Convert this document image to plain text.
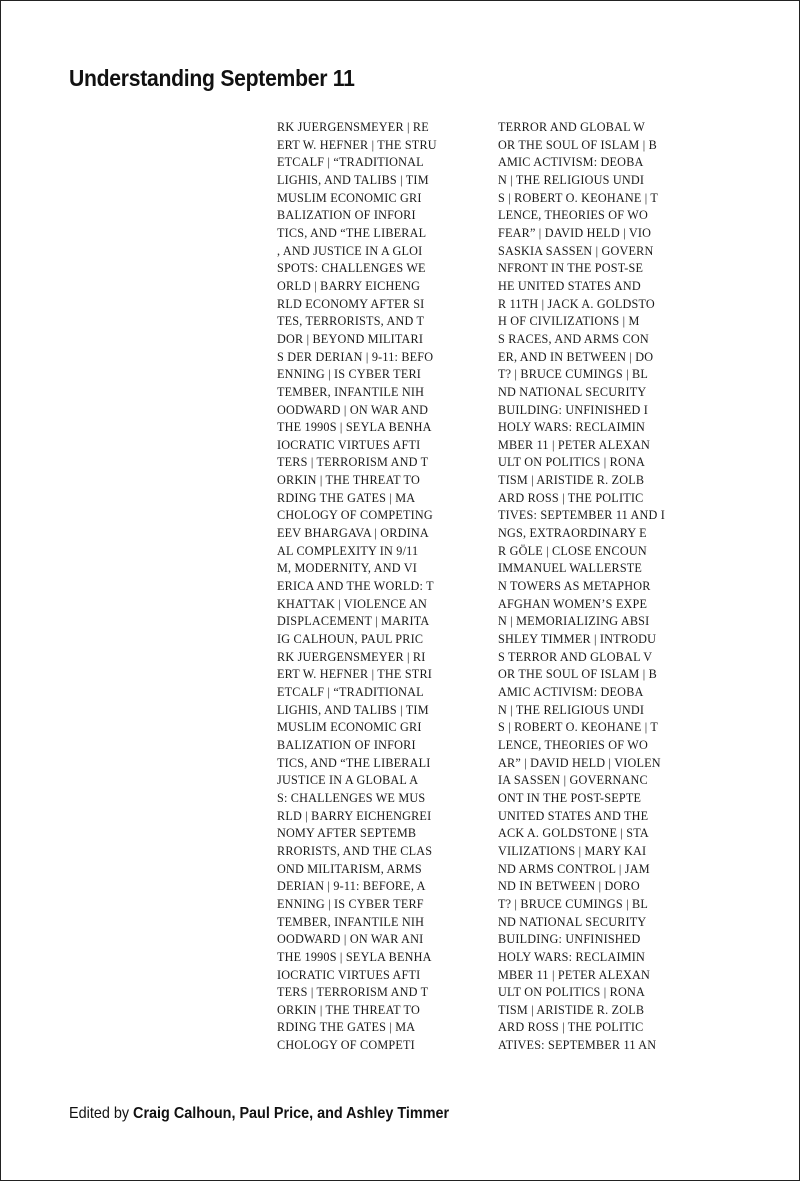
Understanding September 11
RK JUERGENSMEYER | RE
ERT W. HEFNER | THE STRU
ETCALF | “TRADITIONAL
LIGHIS, AND TALIBS | TIM
MUSLIM ECONOMIC GRI
BALIZATION OF INFORI
TICS, AND “THE LIBERAL
, AND JUSTICE IN A GLOI
SPOTS: CHALLENGES WE
ORLD | BARRY EICHENG
RLD ECONOMY AFTER SI
TES, TERRORISTS, AND T
DOR | BEYOND MILITARI
S DER DERIAN | 9-11: BEFO
ENNING | IS CYBER TERI
TEMBER, INFANTILE NIH
OODWARD | ON WAR AND
THE 1990S | SEYLA BENHA
IOCRATIC VIRTUES AFTI
TERS | TERRORISM AND T
ORKIN | THE THREAT TO
RDING THE GATES | MA
CHOLOGY OF COMPETING
EEV BHARGAVA | ORDINA
AL COMPLEXITY IN 9/11
M, MODERNITY, AND VI
ERICA AND THE WORLD: T
KHATTAK | VIOLENCE AN
DISPLACEMENT | MARITA
IG CALHOUN, PAUL PRIC
RK JUERGENSMEYER | RI
ERT W. HEFNER | THE STRI
ETCALF | “TRADITIONAL
LIGHIS, AND TALIBS | TIM
MUSLIM ECONOMIC GRI
BALIZATION OF INFORI
TICS, AND “THE LIBERALI
JUSTICE IN A GLOBAL A
S: CHALLENGES WE MUS
RLD | BARRY EICHENGREI
NOMY AFTER SEPTEMB
RRORISTS, AND THE CLAS
OND MILITARISM, ARMS
DERIAN | 9-11: BEFORE, A
ENNING | IS CYBER TERF
TEMBER, INFANTILE NIH
OODWARD | ON WAR ANI
THE 1990S | SEYLA BENHA
IOCRATIC VIRTUES AFTI
TERS | TERRORISM AND T
ORKIN | THE THREAT TO
RDING THE GATES | MA
CHOLOGY OF COMPETI
TERROR AND GLOBAL W
OR THE SOUL OF ISLAM | B
AMIC ACTIVISM: DEOBA
N | THE RELIGIOUS UNDI
S | ROBERT O. KEOHANE | T
LENCE, THEORIES OF WO
FEAR” | DAVID HELD | VIO
SASKIA SASSEN | GOVERN
NFRONT IN THE POST-SE
HE UNITED STATES AND
R 11TH | JACK A. GOLDSTO
H OF CIVILIZATIONS | M
S RACES, AND ARMS CON
ER, AND IN BETWEEN | DO
T? | BRUCE CUMINGS | BL
ND NATIONAL SECURITY
BUILDING: UNFINISHED I
HOLY WARS: RECLAIMIN
MBER 11 | PETER ALEXAN
ULT ON POLITICS | RONA
TISM | ARISTIDE R. ZOLB
ARD ROSS | THE POLITIC
TIVES: SEPTEMBER 11 AND I
NGS, EXTRAORDINARY E
R GÖLE | CLOSE ENCOUN
IMMANUEL WALLERSTE
N TOWERS AS METAPHOR
AFGHAN WOMEN’S EXPE
N | MEMORIALIZING ABSI
SHLEY TIMMER | INTRODU
S TERROR AND GLOBAL V
OR THE SOUL OF ISLAM | B
AMIC ACTIVISM: DEOBA
N | THE RELIGIOUS UNDI
S | ROBERT O. KEOHANE | T
LENCE, THEORIES OF WO
AR” | DAVID HELD | VIOLEN
IA SASSEN | GOVERNANC
ONT IN THE POST-SEPTE
UNITED STATES AND THE
ACK A. GOLDSTONE | STA
VILIZATIONS | MARY KAI
ND ARMS CONTROL | JAM
ND IN BETWEEN | DORO
T? | BRUCE CUMINGS | BL
ND NATIONAL SECURITY
BUILDING: UNFINISHED
HOLY WARS: RECLAIMIN
MBER 11 | PETER ALEXAN
ULT ON POLITICS | RONA
TISM | ARISTIDE R. ZOLB
ARD ROSS | THE POLITIC
ATIVES: SEPTEMBER 11 AN

Edited by Craig Calhoun, Paul Price, and Ashley Timmer
